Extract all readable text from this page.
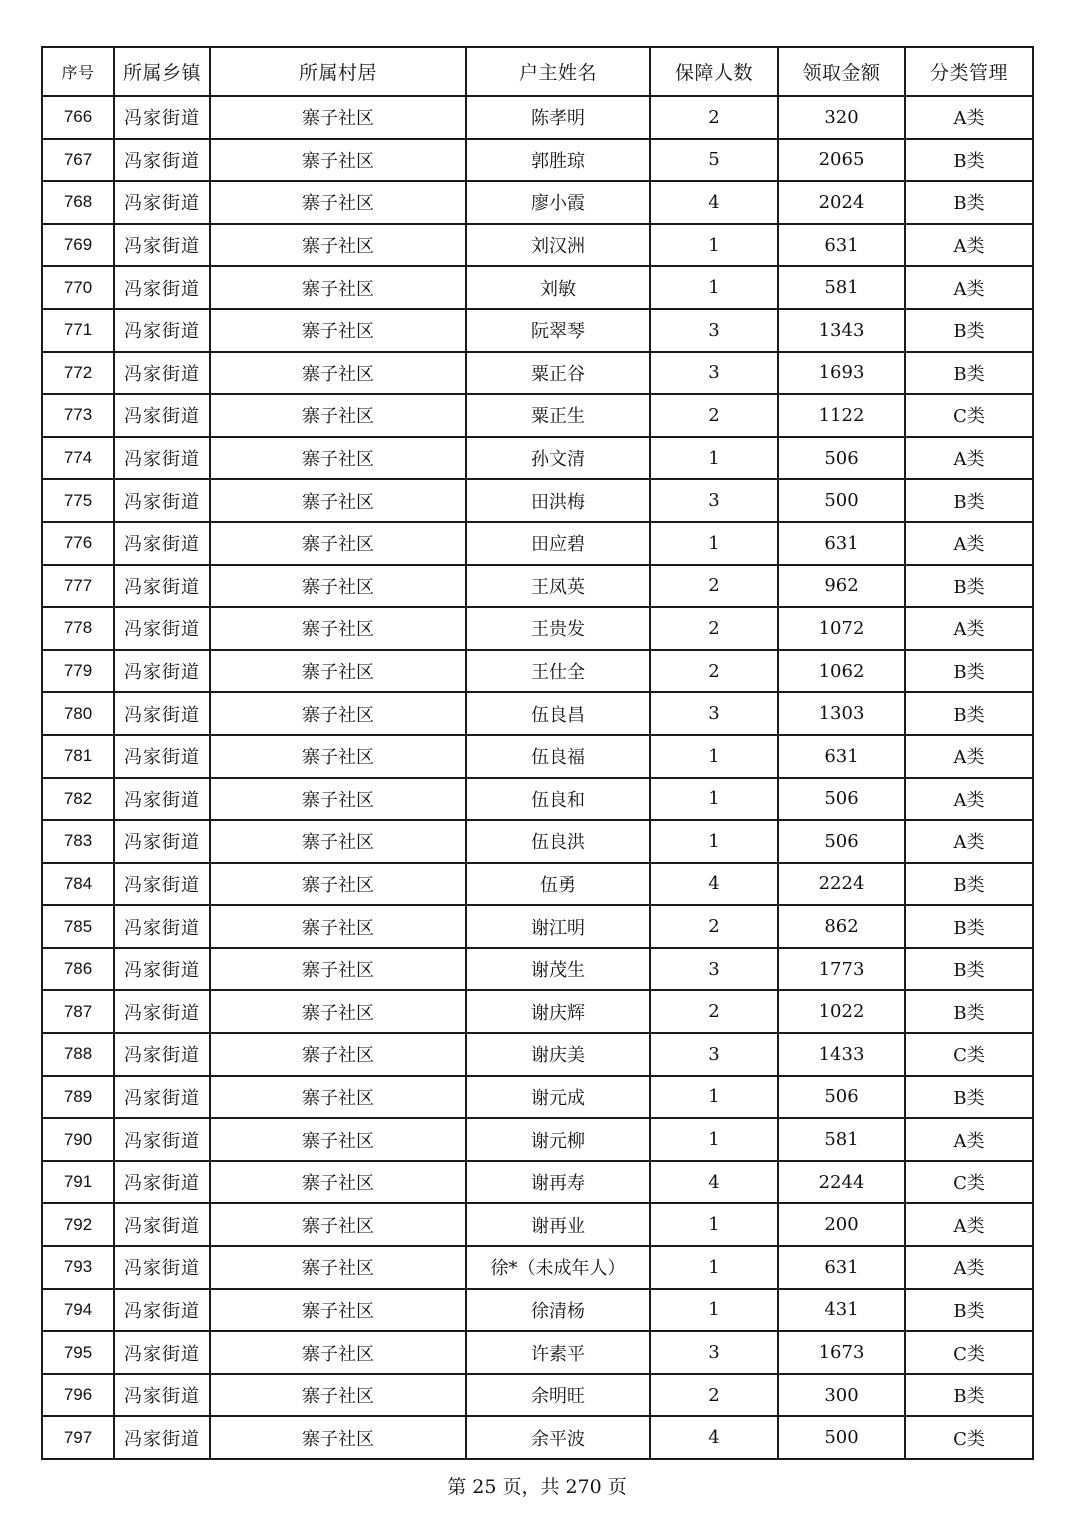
序号	所属乡镇	所属村居	户主姓名	保障人数	领取金额	分类管理
766	冯家街道	寨子社区	陈孝明	2	320	A类
767	冯家街道	寨子社区	郭胜琼	5	2065	B类
768	冯家街道	寨子社区	廖小霞	4	2024	B类
769	冯家街道	寨子社区	刘汉洲	1	631	A类
770	冯家街道	寨子社区	刘敏	1	581	A类
771	冯家街道	寨子社区	阮翠琴	3	1343	B类
772	冯家街道	寨子社区	粟正谷	3	1693	B类
773	冯家街道	寨子社区	粟正生	2	1122	C类
774	冯家街道	寨子社区	孙文清	1	506	A类
775	冯家街道	寨子社区	田洪梅	3	500	B类
776	冯家街道	寨子社区	田应碧	1	631	A类
777	冯家街道	寨子社区	王凤英	2	962	B类
778	冯家街道	寨子社区	王贵发	2	1072	A类
779	冯家街道	寨子社区	王仕全	2	1062	B类
780	冯家街道	寨子社区	伍良昌	3	1303	B类
781	冯家街道	寨子社区	伍良福	1	631	A类
782	冯家街道	寨子社区	伍良和	1	506	A类
783	冯家街道	寨子社区	伍良洪	1	506	A类
784	冯家街道	寨子社区	伍勇	4	2224	B类
785	冯家街道	寨子社区	谢江明	2	862	B类
786	冯家街道	寨子社区	谢茂生	3	1773	B类
787	冯家街道	寨子社区	谢庆辉	2	1022	B类
788	冯家街道	寨子社区	谢庆美	3	1433	C类
789	冯家街道	寨子社区	谢元成	1	506	B类
790	冯家街道	寨子社区	谢元柳	1	581	A类
791	冯家街道	寨子社区	谢再寿	4	2244	C类
792	冯家街道	寨子社区	谢再业	1	200	A类
793	冯家街道	寨子社区	徐*（未成年人）	1	631	A类
794	冯家街道	寨子社区	徐清杨	1	431	B类
795	冯家街道	寨子社区	许素平	3	1673	C类
796	冯家街道	寨子社区	余明旺	2	300	B类
797	冯家街道	寨子社区	余平波	4	500	C类
第 25 页，共 270 页
